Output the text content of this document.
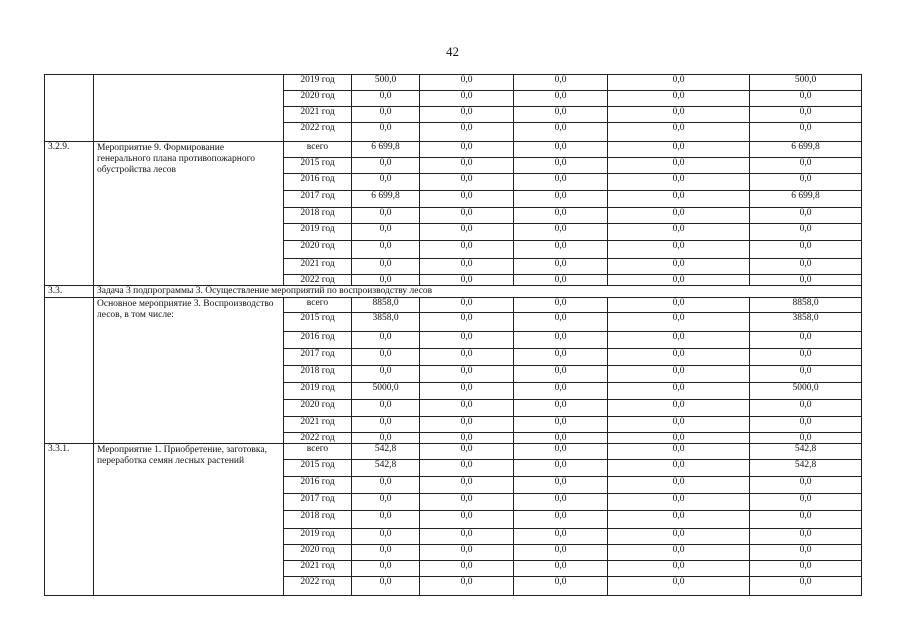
42
		2019 год	500,0	0,0	0,0	0,0	500,0
		2020 год	0,0	0,0	0,0	0,0	0,0
		2021 год	0,0	0,0	0,0	0,0	0,0
		2022 год	0,0	0,0	0,0	0,0	0,0
3.2.9.	Мероприятие 9. Формирование генерального плана противопожарного обустройства лесов	всего	6 699,8	0,0	0,0	0,0	6 699,8
		2015 год	0,0	0,0	0,0	0,0	0,0
		2016 год	0,0	0,0	0,0	0,0	0,0
		2017 год	6 699,8	0,0	0,0	0,0	6 699,8
		2018 год	0,0	0,0	0,0	0,0	0,0
		2019 год	0,0	0,0	0,0	0,0	0,0
		2020 год	0,0	0,0	0,0	0,0	0,0
		2021 год	0,0	0,0	0,0	0,0	0,0
		2022 год	0,0	0,0	0,0	0,0	0,0
3.3.	Задача 3 подпрограммы 3. Осуществление мероприятий по воспроизводству лесов						
	Основное мероприятие 3. Воспроизводство лесов, в том числе:	всего	8858,0	0,0	0,0	0,0	8858,0
		2015 год	3858,0	0,0	0,0	0,0	3858,0
		2016 год	0,0	0,0	0,0	0,0	0,0
		2017 год	0,0	0,0	0,0	0,0	0,0
		2018 год	0,0	0,0	0,0	0,0	0,0
		2019 год	5000,0	0,0	0,0	0,0	5000,0
		2020 год	0,0	0,0	0,0	0,0	0,0
		2021 год	0,0	0,0	0,0	0,0	0,0
		2022 год	0,0	0,0	0,0	0,0	0,0
3.3.1.	Мероприятие 1. Приобретение, заготовка, переработка семян лесных растений	всего	542,8	0,0	0,0	0,0	542,8
		2015 год	542,8	0,0	0,0	0,0	542,8
		2016 год	0,0	0,0	0,0	0,0	0,0
		2017 год	0,0	0,0	0,0	0,0	0,0
		2018 год	0,0	0,0	0,0	0,0	0,0
		2019 год	0,0	0,0	0,0	0,0	0,0
		2020 год	0,0	0,0	0,0	0,0	0,0
		2021 год	0,0	0,0	0,0	0,0	0,0
		2022 год	0,0	0,0	0,0	0,0	0,0
